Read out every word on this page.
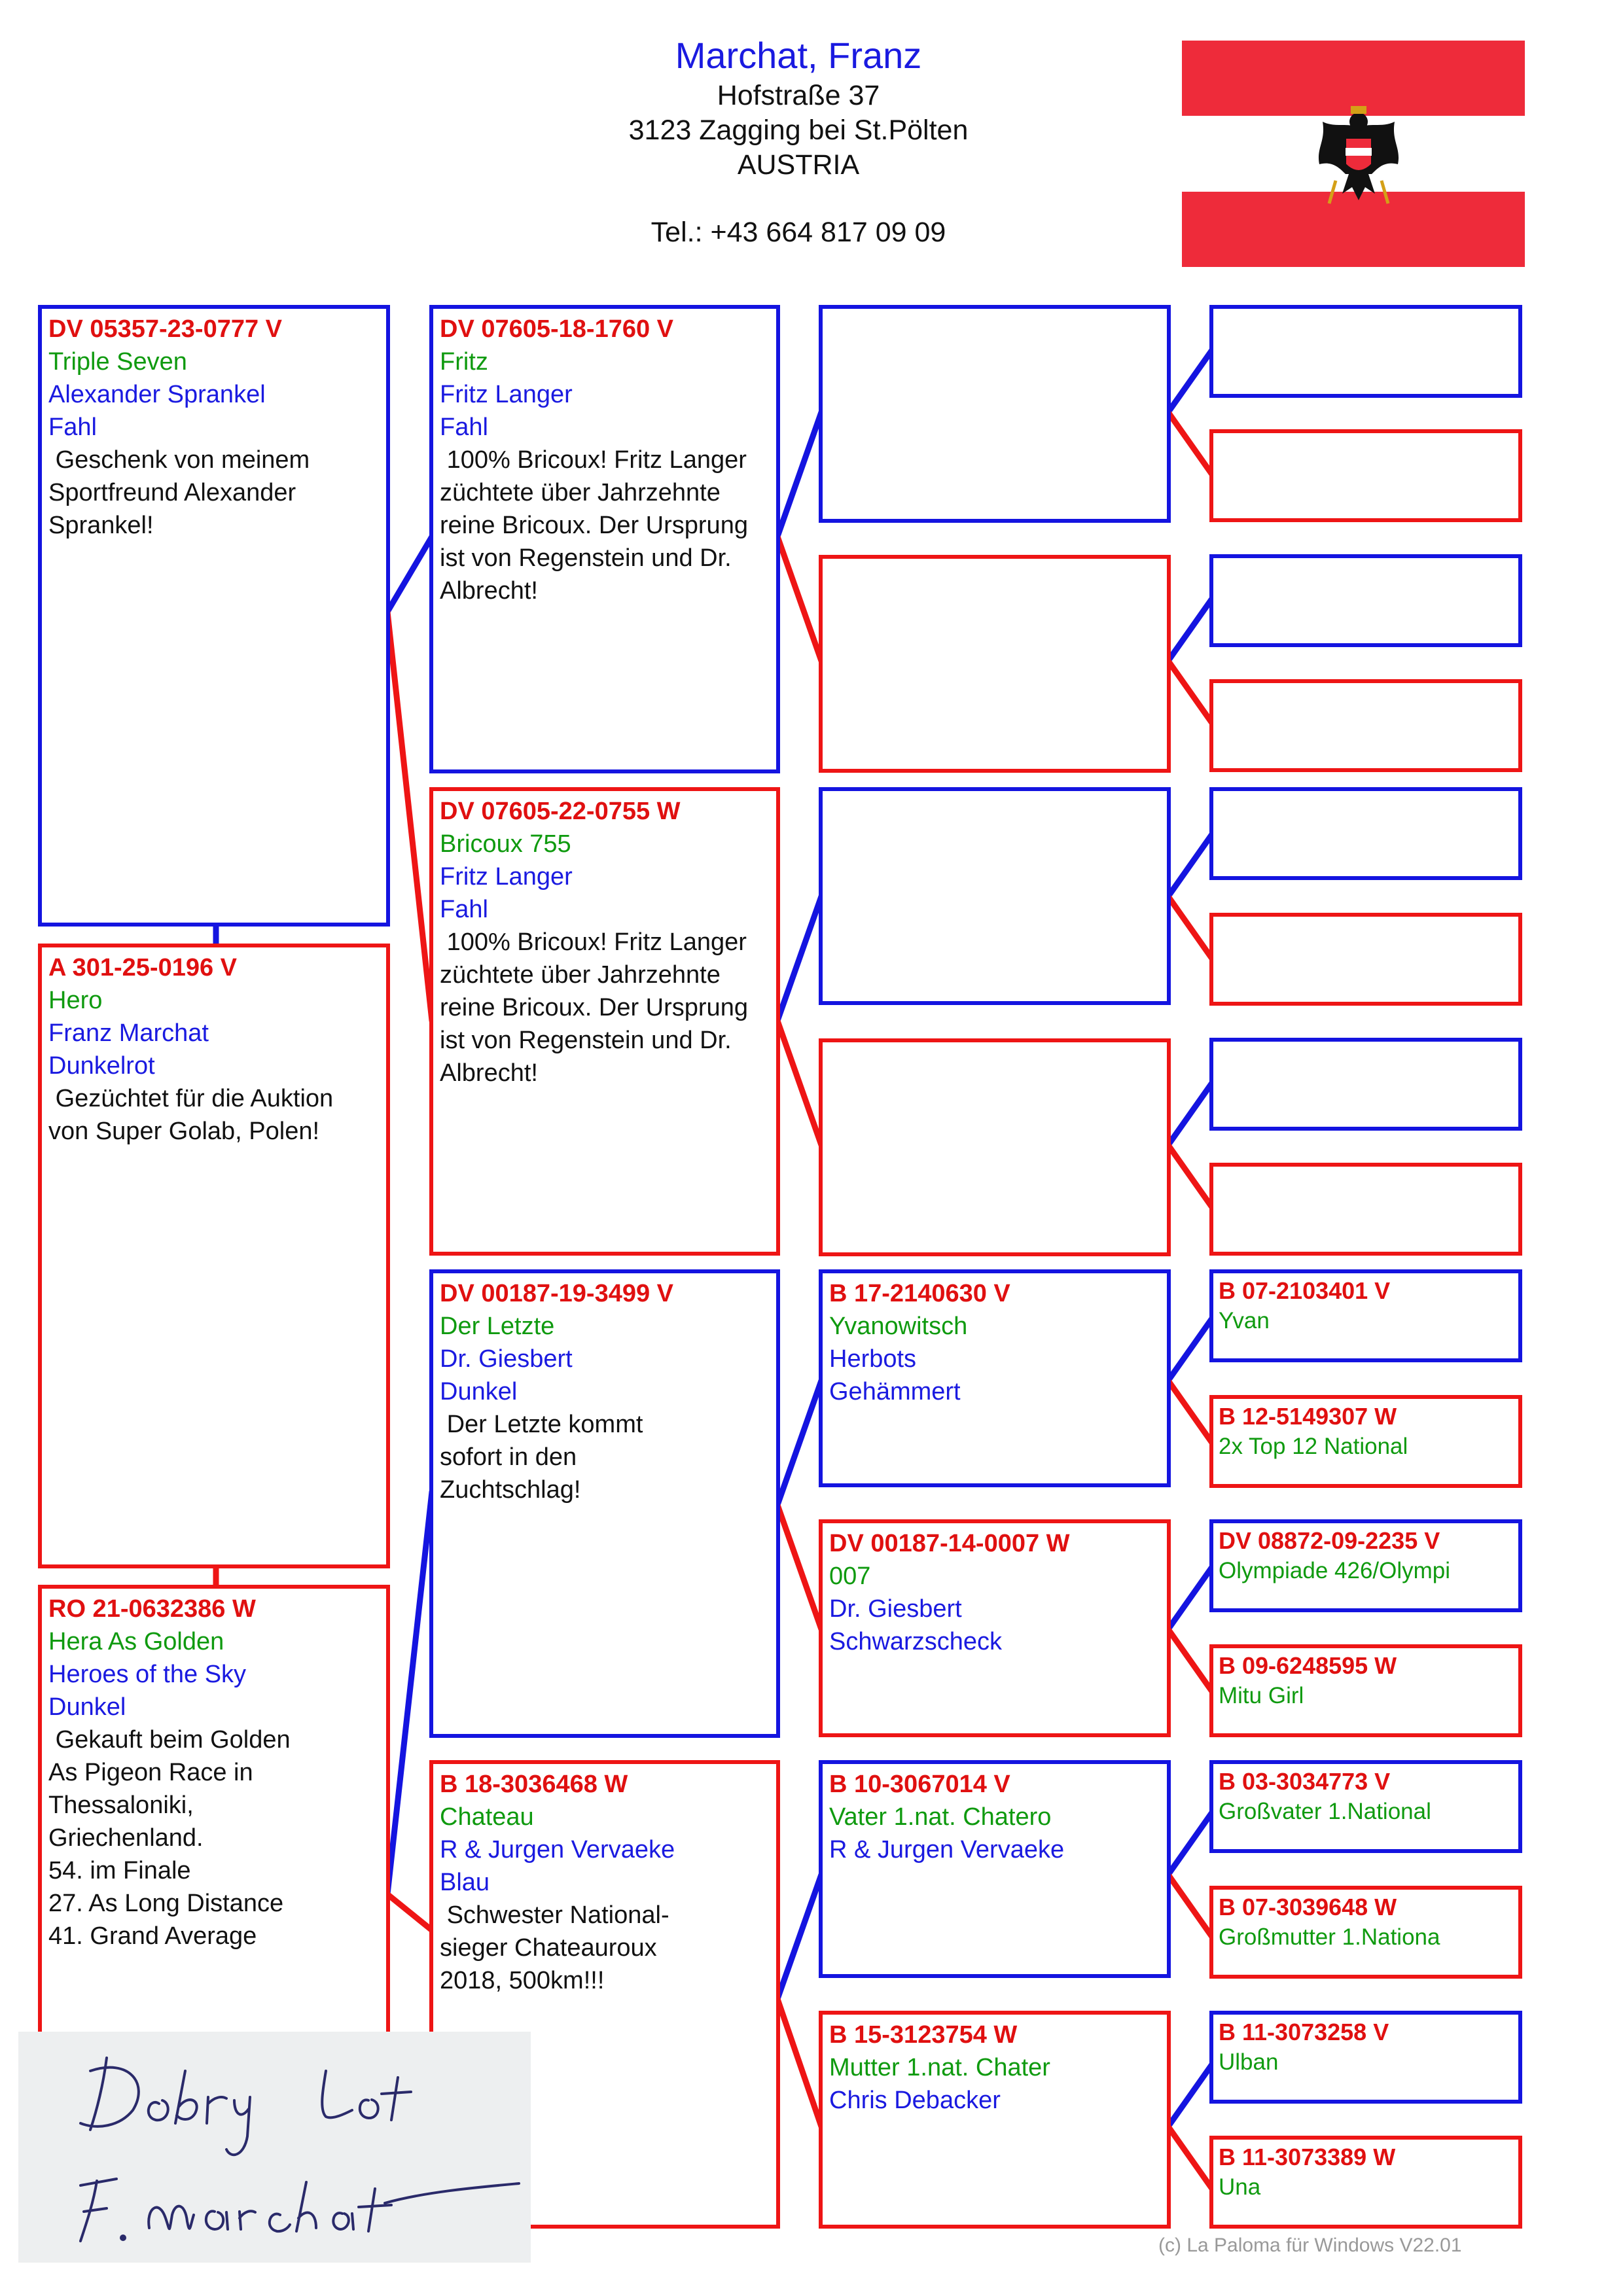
Marchat, Franz
Hofstraße 37
3123 Zagging bei St.Pölten
AUSTRIA
Tel.: +43 664 817 09 09
DV 05357-23-0777 V
Triple Seven
Alexander Sprankel
Fahl
Geschenk von meinem
Sportfreund Alexander
Sprankel!
A 301-25-0196 V
Hero
Franz Marchat
Dunkelrot
Gezüchtet für die Auktion
von Super Golab, Polen!
RO 21-0632386 W
Hera As Golden
Heroes of the Sky
Dunkel
Gekauft beim Golden
As Pigeon Race in
Thessaloniki,
Griechenland.
54. im Finale
27. As Long Distance
41. Grand Average
DV 07605-18-1760 V
Fritz
Fritz Langer
Fahl
100% Bricoux! Fritz Langer
züchtete über Jahrzehnte
reine Bricoux. Der Ursprung
ist von Regenstein und Dr.
Albrecht!
DV 07605-22-0755 W
Bricoux 755
Fritz Langer
Fahl
100% Bricoux! Fritz Langer
züchtete über Jahrzehnte
reine Bricoux. Der Ursprung
ist von Regenstein und Dr.
Albrecht!
DV 00187-19-3499 V
Der Letzte
Dr. Giesbert
Dunkel
Der Letzte kommt
sofort in den
Zuchtschlag!
B 18-3036468 W
Chateau
R & Jurgen Vervaeke
Blau
Schwester National-
sieger Chateauroux
2018, 500km!!!
B 17-2140630 V
Yvanowitsch
Herbots
Gehämmert
DV 00187-14-0007 W
007
Dr. Giesbert
Schwarzscheck
B 10-3067014 V
Vater 1.nat. Chatero
R & Jurgen Vervaeke
B 15-3123754 W
Mutter 1.nat. Chater
Chris Debacker
B 07-2103401 V
Yvan
B 12-5149307 W
2x Top 12 National
DV 08872-09-2235 V
Olympiade 426/Olympi
B 09-6248595 W
Mitu Girl
B 03-3034773 V
Großvater 1.National
B 07-3039648 W
Großmutter 1.Nationa
B 11-3073258 V
Ulban
B 11-3073389 W
Una
(c) La Paloma für Windows V22.01
